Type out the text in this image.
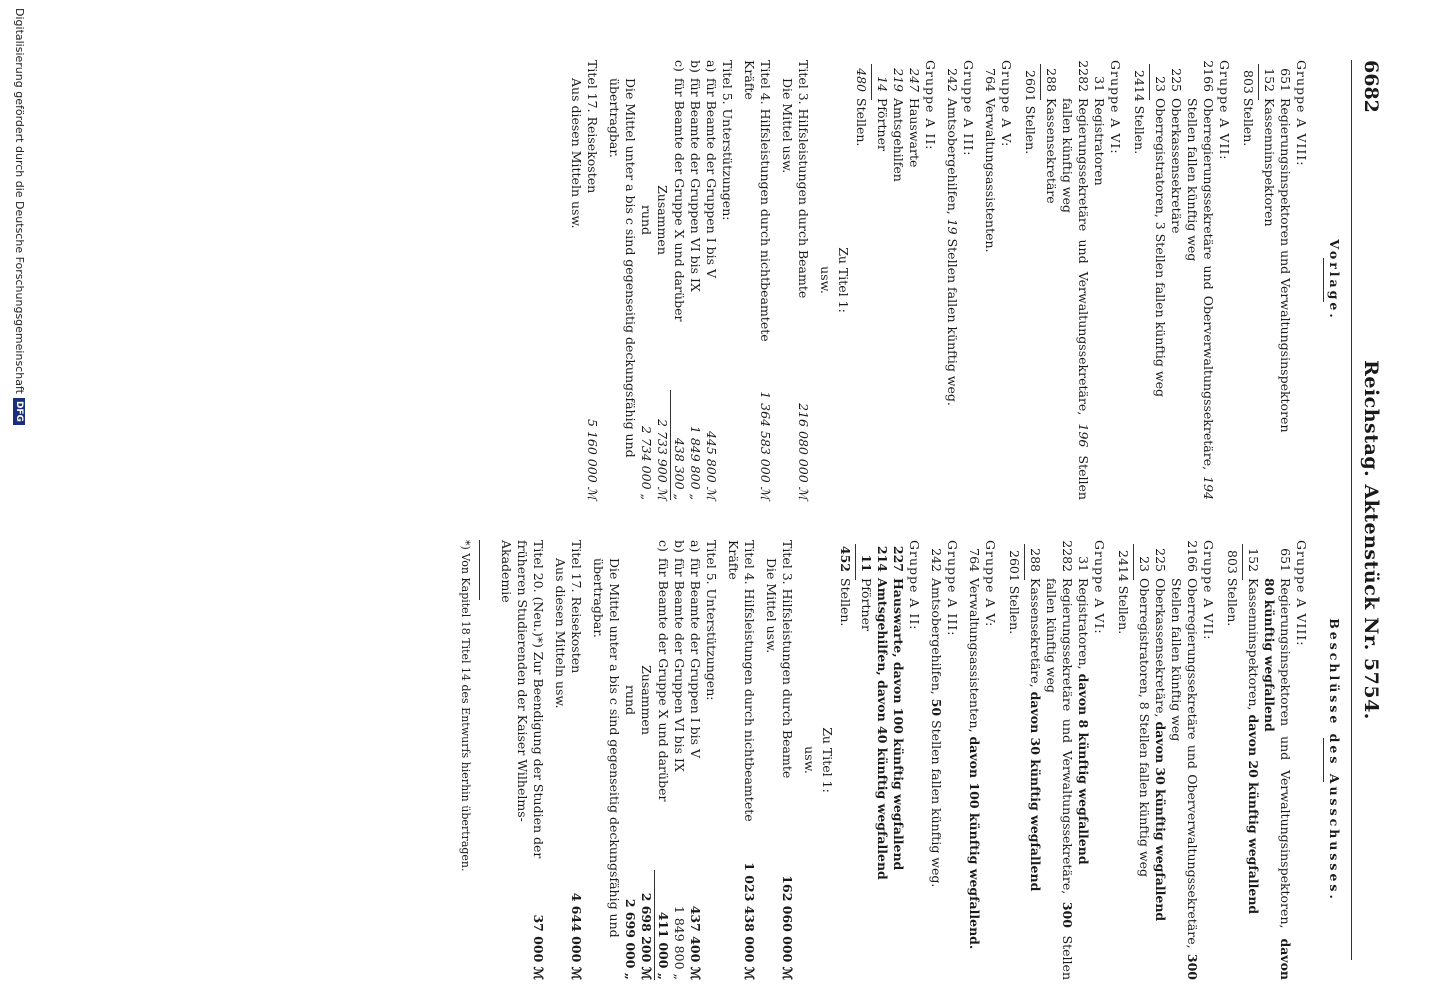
6682
Reichstag. Aktenstück Nr. 5754.
Vorlage.
Gruppe A VIII:
651
Regierungsinspektoren und Verwaltungsinspektoren
152
Kassenninspektoren
803 Stellen.
Gruppe A VII:
2166
Oberregierungssekretäre und Oberverwaltungssekretäre, 194 Stellen fallen künftig weg
225
Oberkassensekretäre
23
Oberregistratoren, 3 Stellen fallen künftig weg
2414 Stellen.
Gruppe A VI:
31
Registratoren
2282
Regierungssekretäre und Verwaltungssekretäre, 196 Stellen fallen künftig weg
288
Kassensekretäre
2601 Stellen.
Gruppe A V:
764
Verwaltungsassistenten.
Gruppe A III:
242
Amtsobergehilfen, 19 Stellen fallen künftig weg.
Gruppe A II:
247
Hauswarte
219
Amtsgehilfen
14
Pförtner
480
Stellen.
Zu Titel 1:
usw.
Titel 3. Hilfsleistungen durch Beamte
216 080 000 ℳ
Die Mittel usw.
Titel 4. Hilfsleistungen durch nichtbeamtete Kräfte
1 364 583 000 ℳ
Titel 5. Unterstützungen:
a)
für Beamte der Gruppen I bis V
445 800 ℳ
b)
für Beamte der Gruppen VI bis IX
1 849 800 „
c)
für Beamte der Gruppe X und darüber
438 300 „
Zusammen
2 733 900 ℳ
rund
2 734 000 „
Die Mittel unter a bis c sind gegenseitig deckungsfähig und übertragbar.
Titel 17. Reisekosten
5 160 000 ℳ
Aus diesen Mitteln usw.
Beschlüsse des Ausschusses.
Gruppe A VIII:
651
Regierungsinspektoren und Verwaltungsinspektoren, davon 80 künftig wegfallend
152
Kassenninspektoren, davon 20 künftig wegfallend
803 Stellen.
Gruppe A VII:
2166
Oberregierungssekretäre und Oberverwaltungssekretäre, 300 Stellen fallen künftig weg
225
Oberkassensekretäre, davon 30 künftig wegfallend
23
Oberregistratoren, 8 Stellen fallen künftig weg
2414 Stellen.
Gruppe A VI:
31
Registratoren, davon 8 künftig wegfallend
2282
Regierungssekretäre und Verwaltungssekretäre, 300 Stellen fallen künftig weg
288
Kassensekretäre, davon 30 künftig wegfallend
2601 Stellen.
Gruppe A V:
764
Verwaltungsassistenten, davon 100 künftig wegfallend.
Gruppe A III:
242
Amtsobergehilfen, 50 Stellen fallen künftig weg.
Gruppe A II:
227
Hauswarte, davon 100 künftig wegfallend
214
Amtsgehilfen, davon 40 künftig wegfallend
11
Pförtner
452
Stellen.
Zu Titel 1:
usw.
Titel 3. Hilfsleistungen durch Beamte
162 060 000 ℳ
Die Mittel usw.
Titel 4. Hilfsleistungen durch nichtbeamtete Kräfte
1 023 438 000 ℳ
Titel 5. Unterstützungen:
a)
für Beamte der Gruppen I bis V
437 400 ℳ
b)
für Beamte der Gruppen VI bis IX
1 849 800 „
c)
für Beamte der Gruppe X und darüber
411 000 „
Zusammen
2 698 200 ℳ
rund
2 699 000 „
Die Mittel unter a bis c sind gegenseitig deckungsfähig und übertragbar.
Titel 17. Reisekosten
4 644 000 ℳ
Aus diesen Mitteln usw.
Titel 20. (Neu.)*) Zur Beendigung der Studien der früheren Studierenden der Kaiser Wilhelms-Akademie
37 000 ℳ
*) Von Kapitel 18 Titel 14 des Entwurfs hierhin übertragen.
Digitalisierung gefördert durch die Deutsche ForschungsgemeinschaftDFG
